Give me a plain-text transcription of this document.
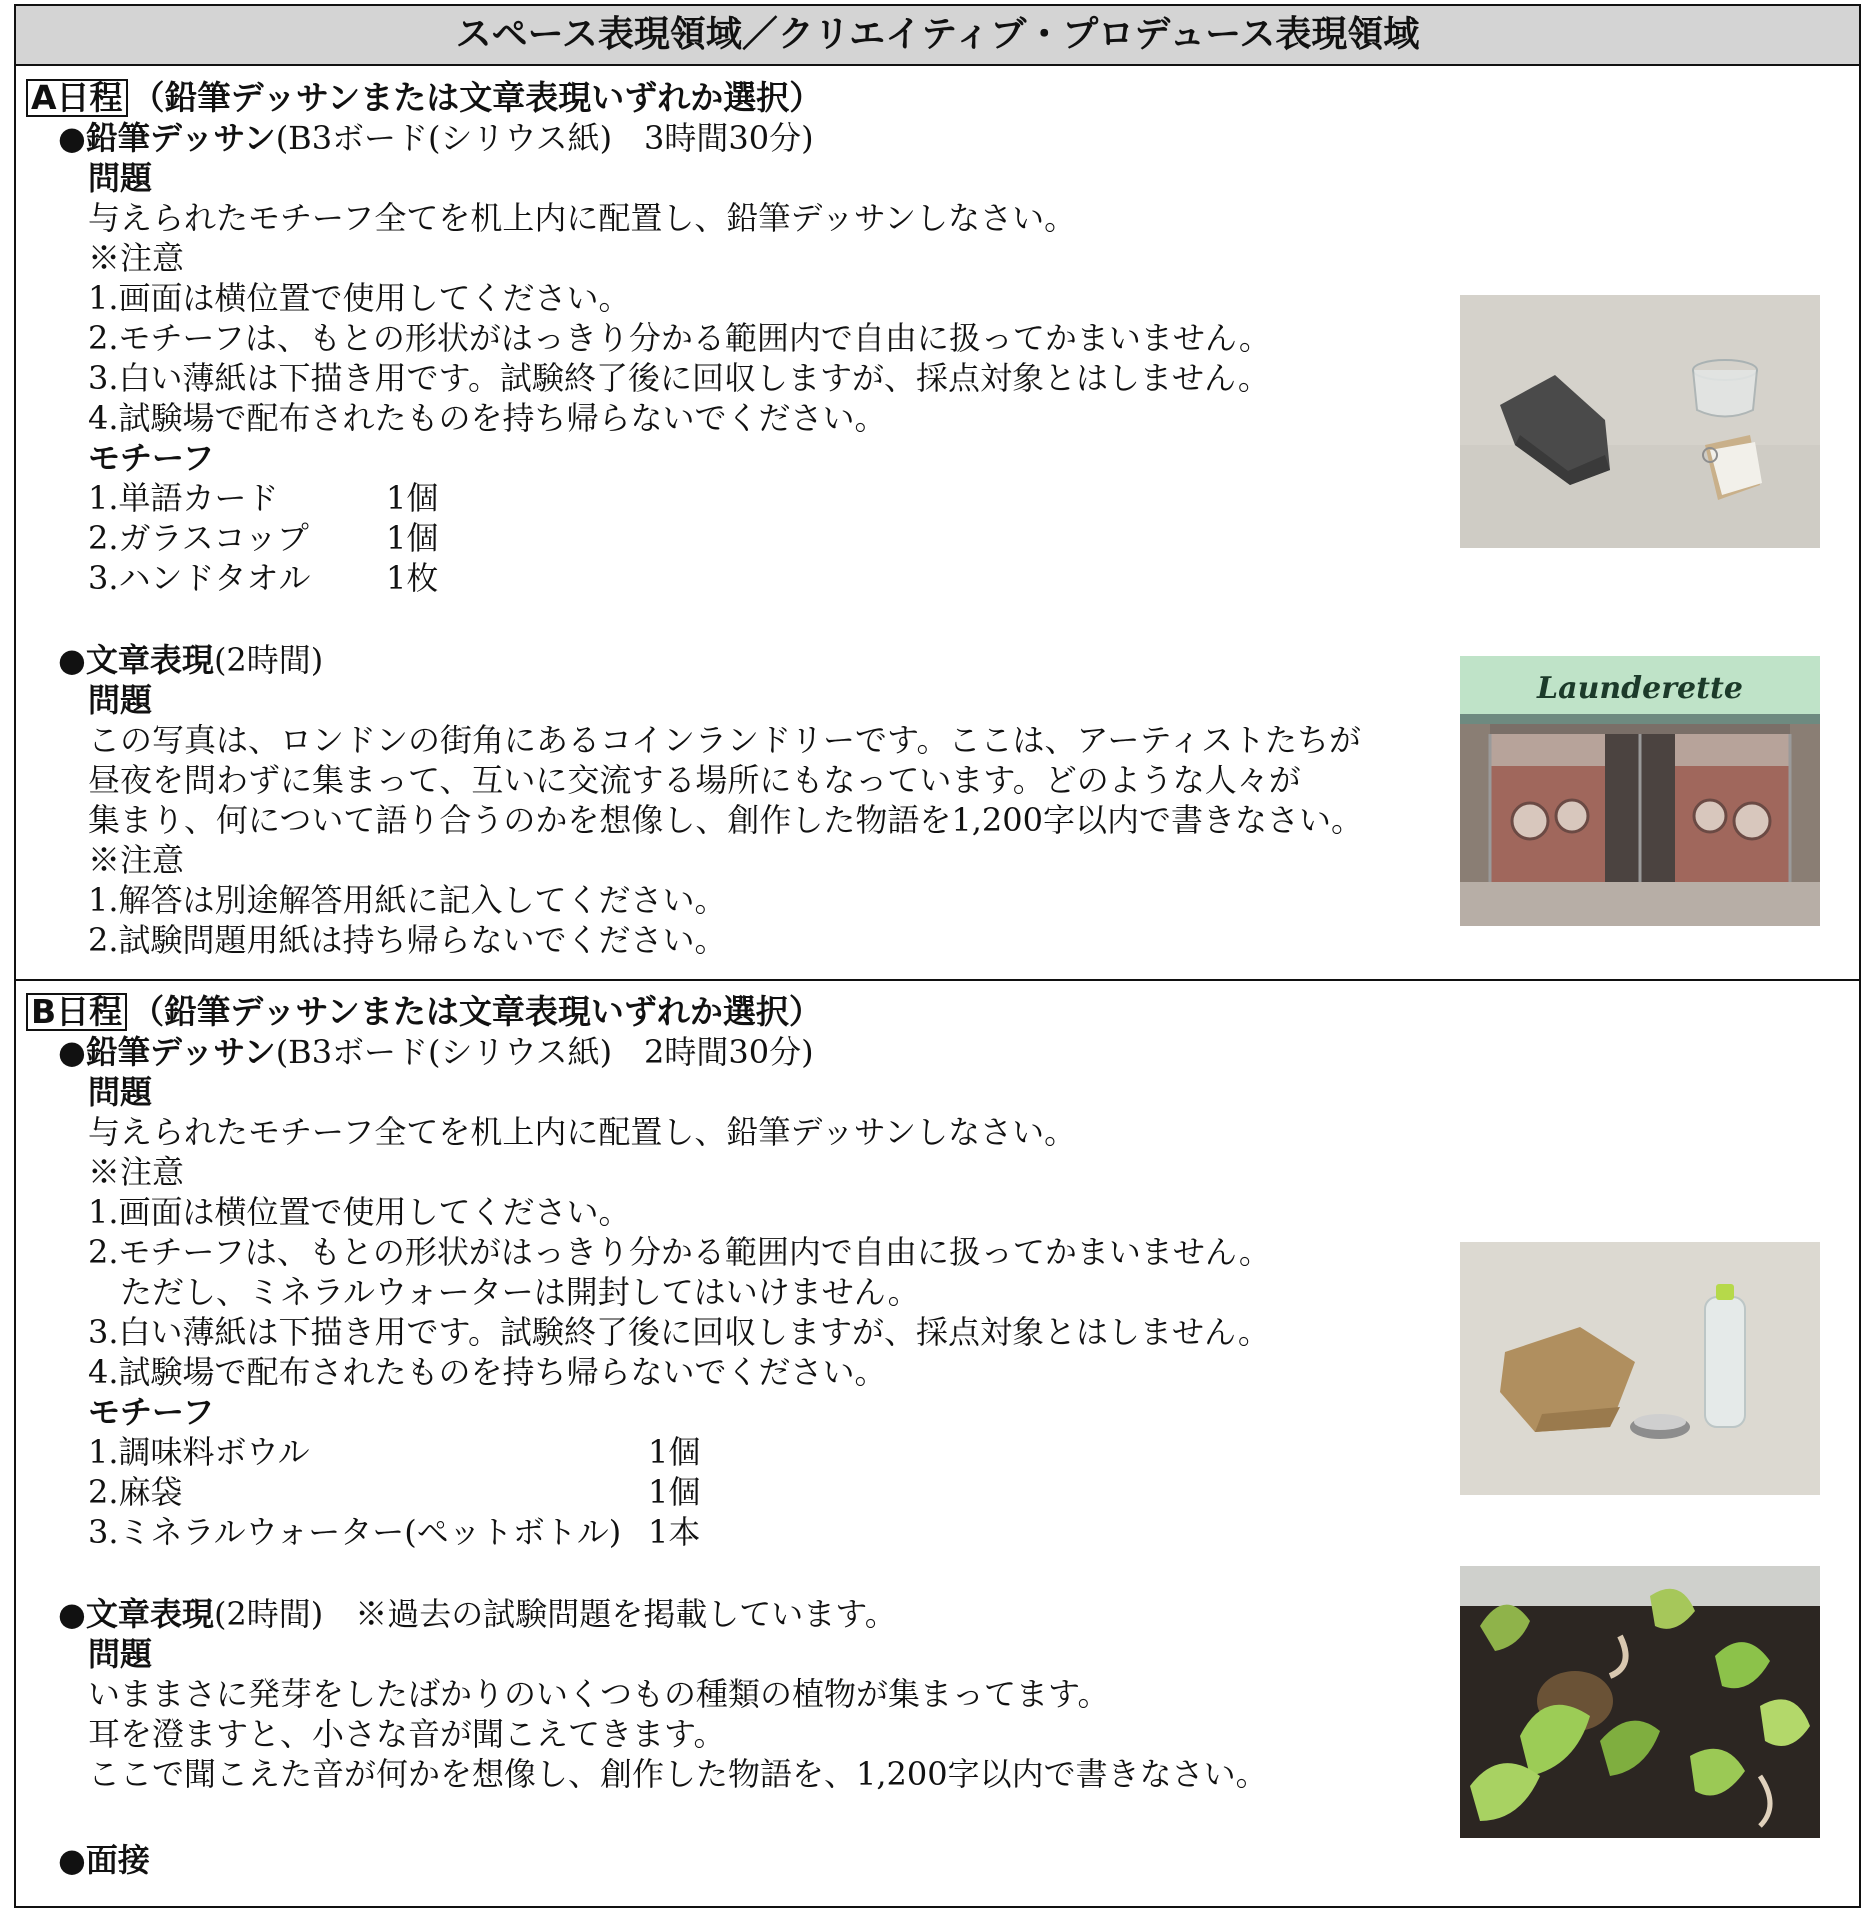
スペース表現領域／クリエイティブ・プロデュース表現領域
A日程 （鉛筆デッサンまたは文章表現いずれか選択）
●鉛筆デッサン(B3ボード(シリウス紙)　3時間30分)
問題
与えられたモチーフ全てを机上内に配置し、鉛筆デッサンしなさい。
※注意
1.画面は横位置で使用してください。
2.モチーフは、もとの形状がはっきり分かる範囲内で自由に扱ってかまいません。
3.白い薄紙は下描き用です。試験終了後に回収しますが、採点対象とはしません。
4.試験場で配布されたものを持ち帰らないでください。
モチーフ
1.単語カード	1個
2.ガラスコップ 1個
3.ハンドタオル 1枚
●文章表現(2時間)
問題
この写真は、ロンドンの街角にあるコインランドリーです。ここは、アーティストたちが
昼夜を問わずに集まって、互いに交流する場所にもなっています。どのような人々が
集まり、何について語り合うのかを想像し、創作した物語を1,200字以内で書きなさい。
※注意
1.解答は別途解答用紙に記入してください。
2.試験問題用紙は持ち帰らないでください。
Launderette
B日程 （鉛筆デッサンまたは文章表現いずれか選択）
●鉛筆デッサン(B3ボード(シリウス紙)　2時間30分)
問題
与えられたモチーフ全てを机上内に配置し、鉛筆デッサンしなさい。
※注意
1.画面は横位置で使用してください。
2.モチーフは、もとの形状がはっきり分かる範囲内で自由に扱ってかまいません。
　ただし、ミネラルウォーターは開封してはいけません。
3.白い薄紙は下描き用です。試験終了後に回収しますが、採点対象とはしません。
4.試験場で配布されたものを持ち帰らないでください。
モチーフ
1.調味料ボウル	1個
2.麻袋	1個
3.ミネラルウォーター(ペットボトル) 1本
●文章表現(2時間)　※過去の試験問題を掲載しています。
問題
いままさに発芽をしたばかりのいくつもの種類の植物が集まってます。
耳を澄ますと、小さな音が聞こえてきます。
ここで聞こえた音が何かを想像し、創作した物語を、1,200字以内で書きなさい。
●面接
